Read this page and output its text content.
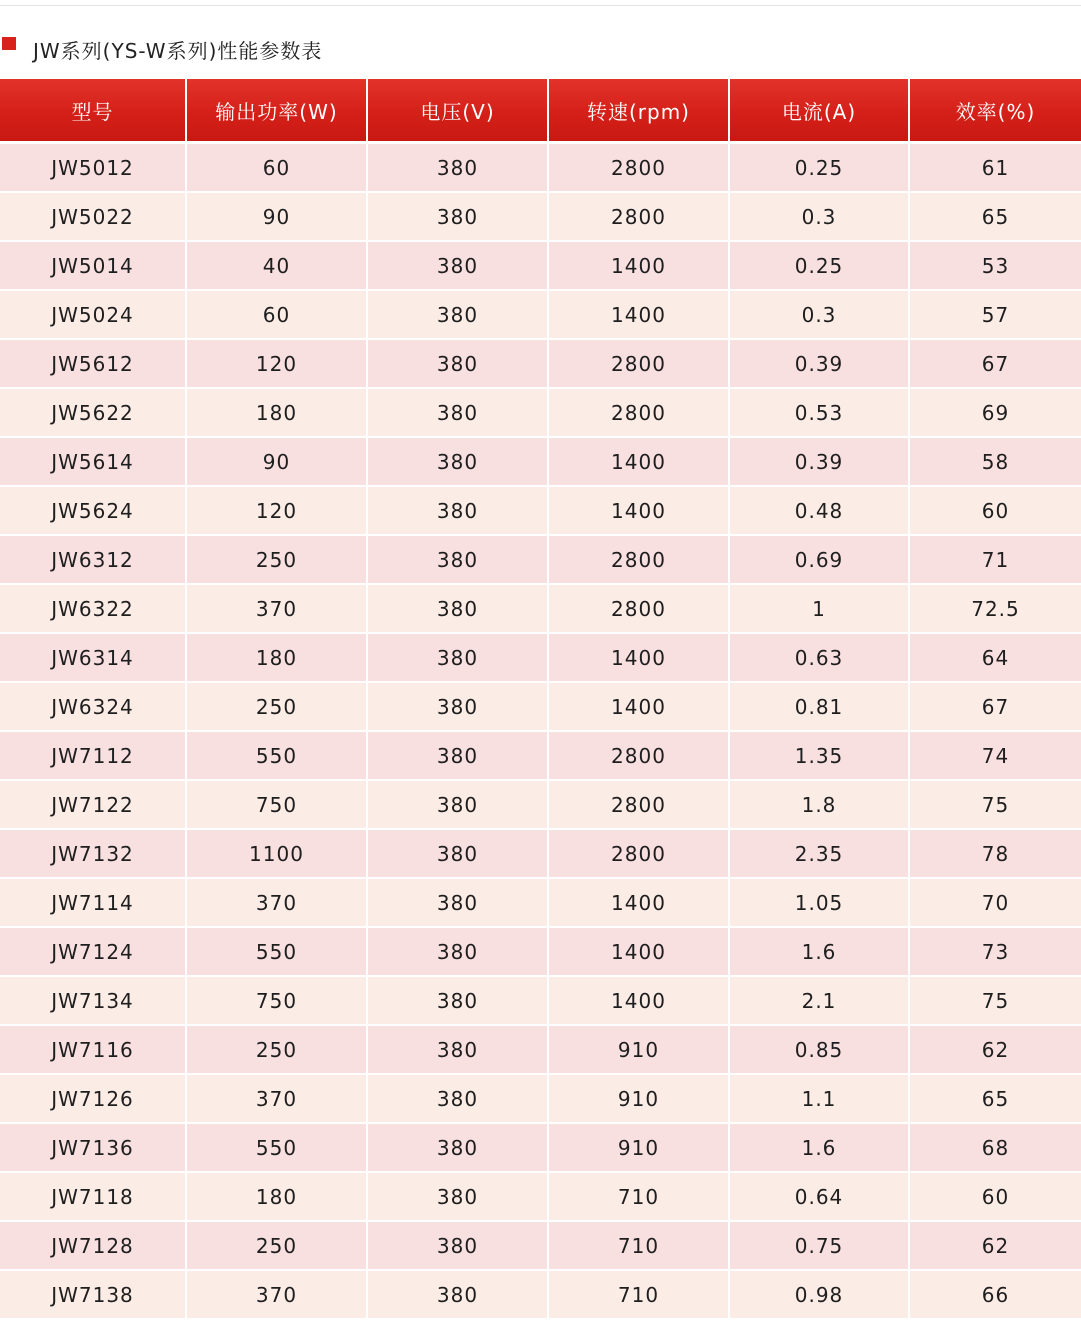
JW系列(YS-W系列)性能参数表
型号	输出功率(W)	电压(V)	转速(rpm)	电流(A)	效率(%)
JW5012	60	380	2800	0.25	61
JW5022	90	380	2800	0.3	65
JW5014	40	380	1400	0.25	53
JW5024	60	380	1400	0.3	57
JW5612	120	380	2800	0.39	67
JW5622	180	380	2800	0.53	69
JW5614	90	380	1400	0.39	58
JW5624	120	380	1400	0.48	60
JW6312	250	380	2800	0.69	71
JW6322	370	380	2800	1	72.5
JW6314	180	380	1400	0.63	64
JW6324	250	380	1400	0.81	67
JW7112	550	380	2800	1.35	74
JW7122	750	380	2800	1.8	75
JW7132	1100	380	2800	2.35	78
JW7114	370	380	1400	1.05	70
JW7124	550	380	1400	1.6	73
JW7134	750	380	1400	2.1	75
JW7116	250	380	910	0.85	62
JW7126	370	380	910	1.1	65
JW7136	550	380	910	1.6	68
JW7118	180	380	710	0.64	60
JW7128	250	380	710	0.75	62
JW7138	370	380	710	0.98	66
